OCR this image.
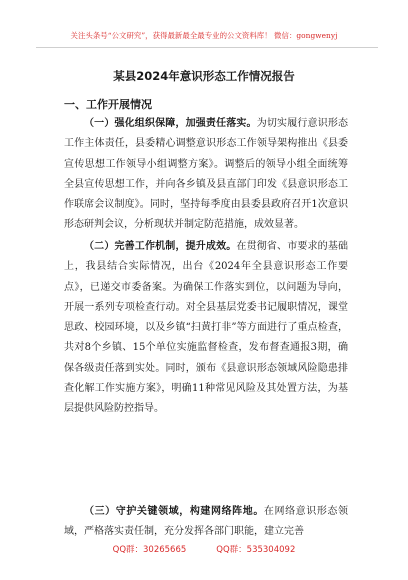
关注头条号“公文研究”，获得最新最全最专业的公文资料库！ 微信：gongwenyj
某县2024年意识形态工作情况报告
一、工作开展情况

（一）强化组织保障，加强责任落实。为切实履行意识形态工作主体责任，县委精心调整意识形态工作领导架构推出《县委宣传思想工作领导小组调整方案》。调整后的领导小组全面统筹全县宣传思想工作，并向各乡镇及县直部门印发《县意识形态工作联席会议制度》。同时，坚持每季度由县委县政府召开1次意识形态研判会议，分析现状并制定防范措施，成效显著。

（二）完善工作机制，提升成效。在贯彻省、市要求的基础上，我县结合实际情况，出台《2024年全县意识形态工作要点》，已递交市委备案。为确保工作落实到位，以问题为导向，开展一系列专项检查行动。对全县基层党委书记履职情况，课堂思政、校园环境，以及乡镇“扫黄打非”等方面进行了重点检查，共对8个乡镇、15个单位实施监督检查，发布督查通报3期，确保各级责任落到实处。同时，颁布《县意识形态领域风险隐患排查化解工作实施方案》，明确11种常见风险及其处置方法，为基层提供风险防控指导。

（三）守护关键领域，构建网络阵地。在网络意识形态领域，严格落实责任制，充分发挥各部门职能，建立完善

QQ群：30265665	QQ群：535304092
